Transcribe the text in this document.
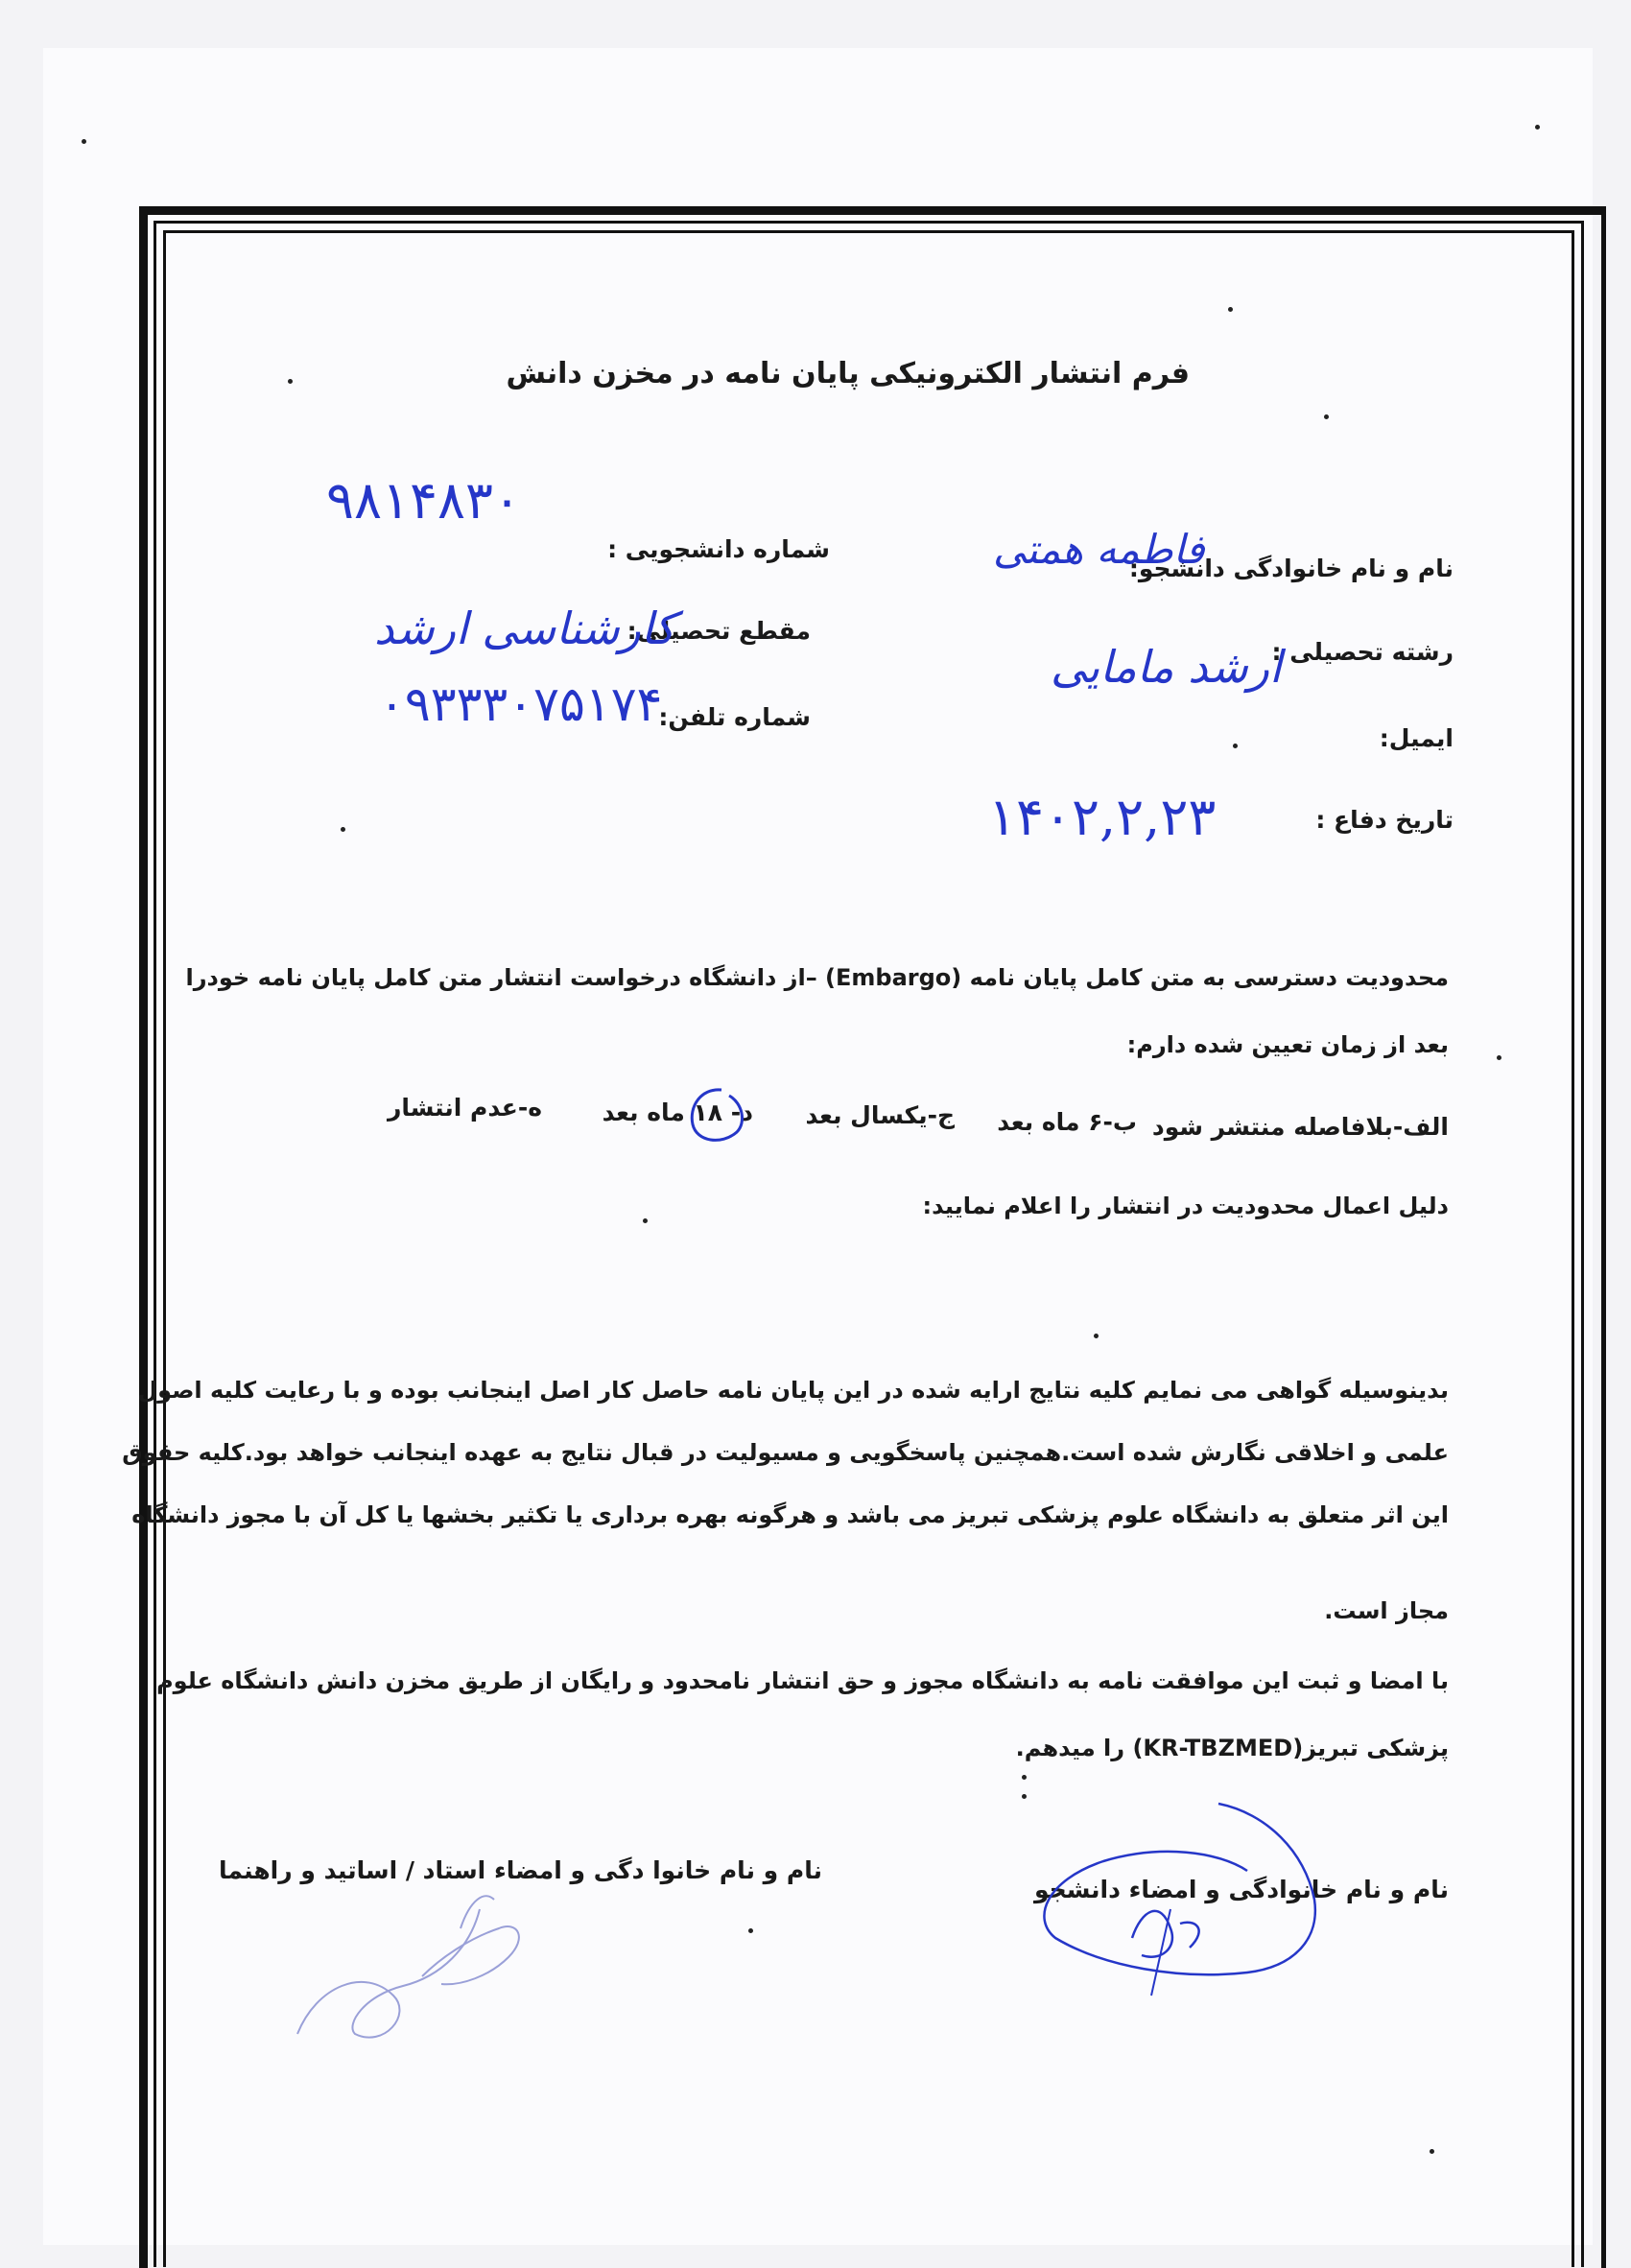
فرم انتشار الکترونیکی پایان نامه در مخزن دانش
نام و نام خانوادگی دانشجو:
رشته تحصیلی :
ایمیل:
تاریخ دفاع :
شماره دانشجویی :
مقطع تحصیلی:
شماره تلفن:
۹۸۱۴۸۳۰
فاطمه همتی
ارشد مامایی
کارشناسی ارشد
۰۹۳۳۳۰۷۵۱۷۴
۱۴۰۲,۲,۲۳
محدودیت دسترسی به متن کامل پایان نامه (Embargo) –از دانشگاه درخواست انتشار متن کامل پایان نامه خودرا
بعد از زمان تعیین شده دارم:
الف-بلافاصله منتشر شود
ب-۶ ماه بعد
ج-یکسال بعد
د- ۱۸ ماه بعد
ه-عدم انتشار
دلیل اعمال محدودیت در انتشار را اعلام نمایید:
بدینوسیله گواهی می نمایم کلیه نتایج ارایه شده در این پایان نامه حاصل کار اصل اینجانب بوده و با رعایت کلیه اصول
علمی و اخلاقی نگارش شده است.همچنین پاسخگویی و مسیولیت در قبال نتایج به عهده اینجانب خواهد بود.کلیه حقوق
این اثر متعلق به دانشگاه علوم پزشکی تبریز می باشد و هرگونه بهره برداری یا تکثیر بخشها یا کل آن با مجوز دانشگاه
مجاز است.
با امضا و ثبت این موافقت نامه به دانشگاه مجوز و حق انتشار نامحدود و رایگان از طریق مخزن دانش دانشگاه علوم
پزشکی تبریز(KR-TBZMED) را میدهم.
نام و نام خانوادگی و امضاء دانشجو
نام و نام خانوا دگی و امضاء استاد / اساتید و راهنما
